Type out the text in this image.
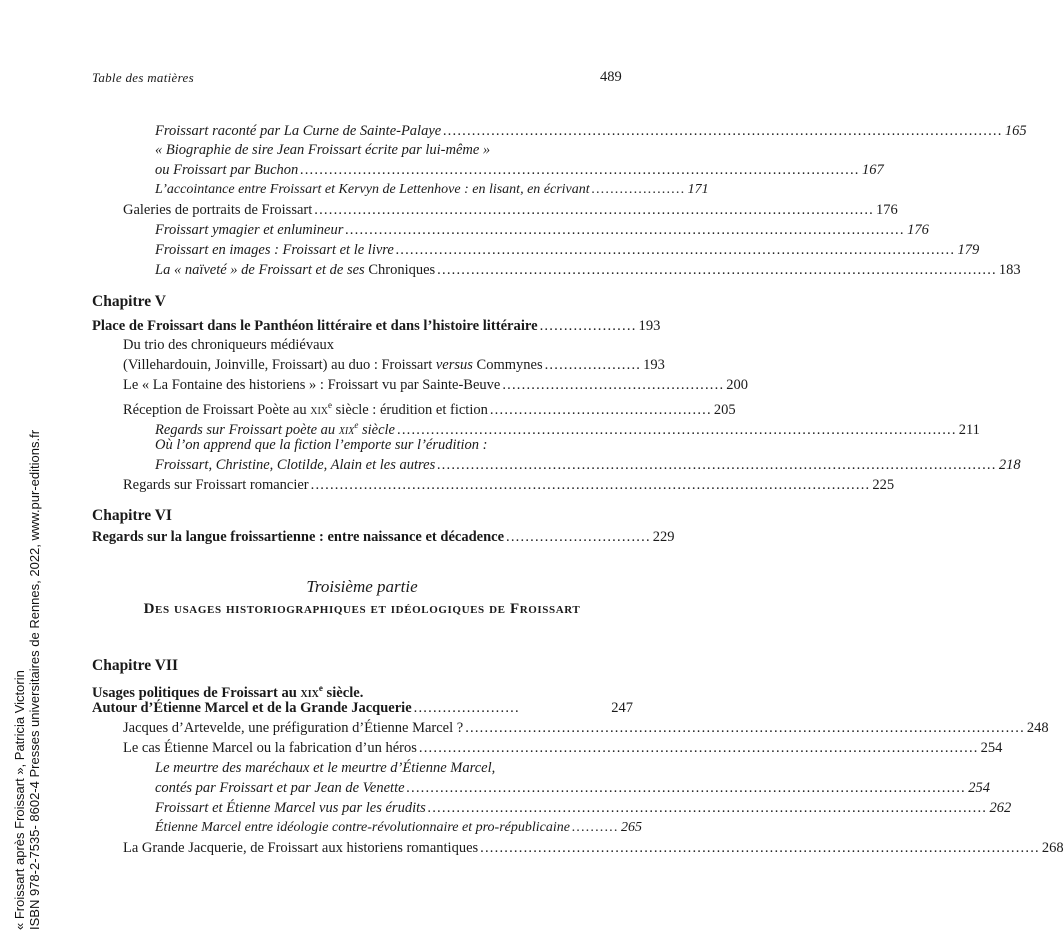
Table des matières	489
Froissart raconté par La Curne de Sainte-Palaye .................................................................................................................... 165
« Biographie de sire Jean Froissart écrite par lui-même »
ou Froissart par Buchon .................................................................................................................... 167
L’accointance entre Froissart et Kervyn de Lettenhove : en lisant, en écrivant .................... 171
Galeries de portraits de Froissart .................................................................................................................... 176
Froissart ymagier et enlumineur .................................................................................................................... 176
Froissart en images : Froissart et le livre .................................................................................................................... 179
La « naïveté » de Froissart et de ses Chroniques .................................................................................................................... 183
Chapitre V
Place de Froissart dans le Panthéon littéraire et dans l’histoire littéraire .................... 193
Du trio des chroniqueurs médiévaux
(Villehardouin, Joinville, Froissart) au duo : Froissart versus Commynes .................... 193
Le « La Fontaine des historiens » : Froissart vu par Sainte-Beuve .............................................. 200
Réception de Froissart Poète au xix$^e$ siècle : érudition et fiction .............................................. 205
Regards sur Froissart poète au xix$^e$ siècle .................................................................................................................... 211
Où l’on apprend que la fiction l’emporte sur l’érudition :
Froissart, Christine, Clotilde, Alain et les autres .................................................................................................................... 218
Regards sur Froissart romancier .................................................................................................................... 225
Chapitre VI
Regards sur la langue froissartienne : entre naissance et décadence .............................. 229
Troisième partie
Des usages historiographiques et idéologiques de Froissart
Chapitre VII
Usages politiques de Froissart au xix$^e$ siècle.
Autour d’Étienne Marcel et de la Grande Jacquerie ......................	247
Jacques d’Artevelde, une préfiguration d’Étienne Marcel ? .................................................................................................................... 248
Le cas Étienne Marcel ou la fabrication d’un héros .................................................................................................................... 254
Le meurtre des maréchaux et le meurtre d’Étienne Marcel,
contés par Froissart et par Jean de Venette .................................................................................................................... 254
Froissart et Étienne Marcel vus par les érudits .................................................................................................................... 262
Étienne Marcel entre idéologie contre-révolutionnaire et pro-républicaine .......... 265
La Grande Jacquerie, de Froissart aux historiens romantiques .................................................................................................................... 268
« Froissart après Froissart », Patricia Victorin ISBN 978-2-7535- 8602-4 Presses universitaires de Rennes, 2022, www.pur-editions.fr
